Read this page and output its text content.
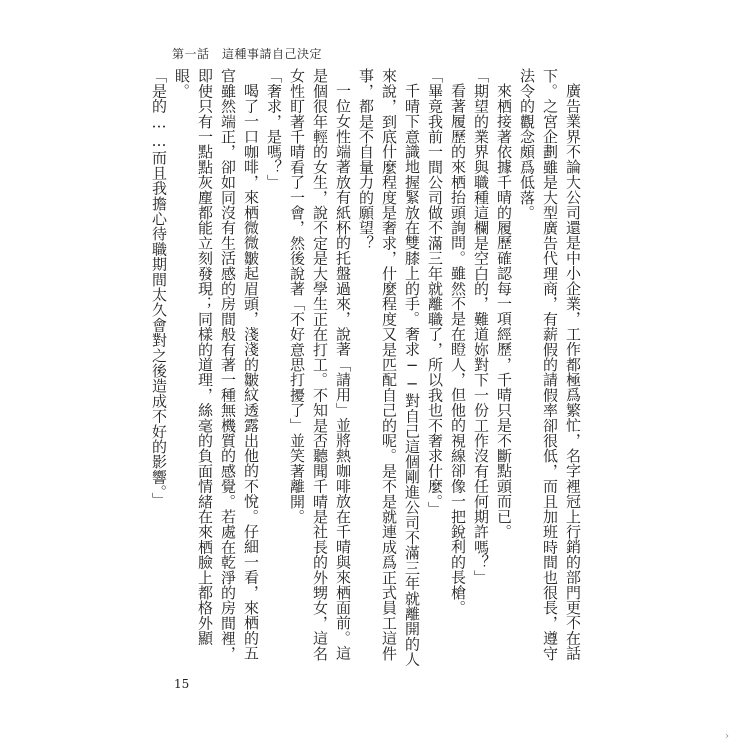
第一話　這種事請自己決定

廣告業界不論大公司還是中小企業，工作都極爲繁忙，名字裡冠上行銷的部門更不在話下。之宮企劃雖是大型廣告代理商，有薪假的請假率卻很低，而且加班時間也很長，遵守法令的觀念頗爲低落。

來栖接著依據千晴的履歷確認每一項經歷，千晴只是不斷點頭而已。

「期望的業界與職種這欄是空白的，難道妳對下一份工作沒有任何期許嗎？」

看著履歷的來栖抬頭詢問。雖然不是在瞪人，但他的視線卻像一把銳利的長槍。

「畢竟我前一間公司做不滿三年就離職了，所以我也不奢求什麼。」

千晴下意識地握緊放在雙膝上的手。奢求──對自己這個剛進公司不滿三年就離開的人來說，到底什麼程度是奢求，什麼程度又是匹配自己的呢。是不是就連成爲正式員工這件事，都是不自量力的願望？

一位女性端著放有紙杯的托盤過來，說著「請用」並將熱咖啡放在千晴與來栖面前。這是個很年輕的女生，說不定是大學生正在打工。不知是否聽聞千晴是社長的外甥女，這名女性盯著千晴看了一會，然後說著「不好意思打擾了」並笑著離開。

「奢求，是嗎？」

喝了一口咖啡，來栖微微皺起眉頭，淺淺的皺紋透露出他的不悅。仔細一看，來栖的五官雖然端正，卻如同沒有生活感的房間般有著一種無機質的感覺。若處在乾淨的房間裡，即使只有一點點灰塵都能立刻發現；同樣的道理，絲毫的負面情緒在來栖臉上都格外顯眼。

「是的……而且我擔心待職期間太久會對之後造成不好的影響。」

15
›
